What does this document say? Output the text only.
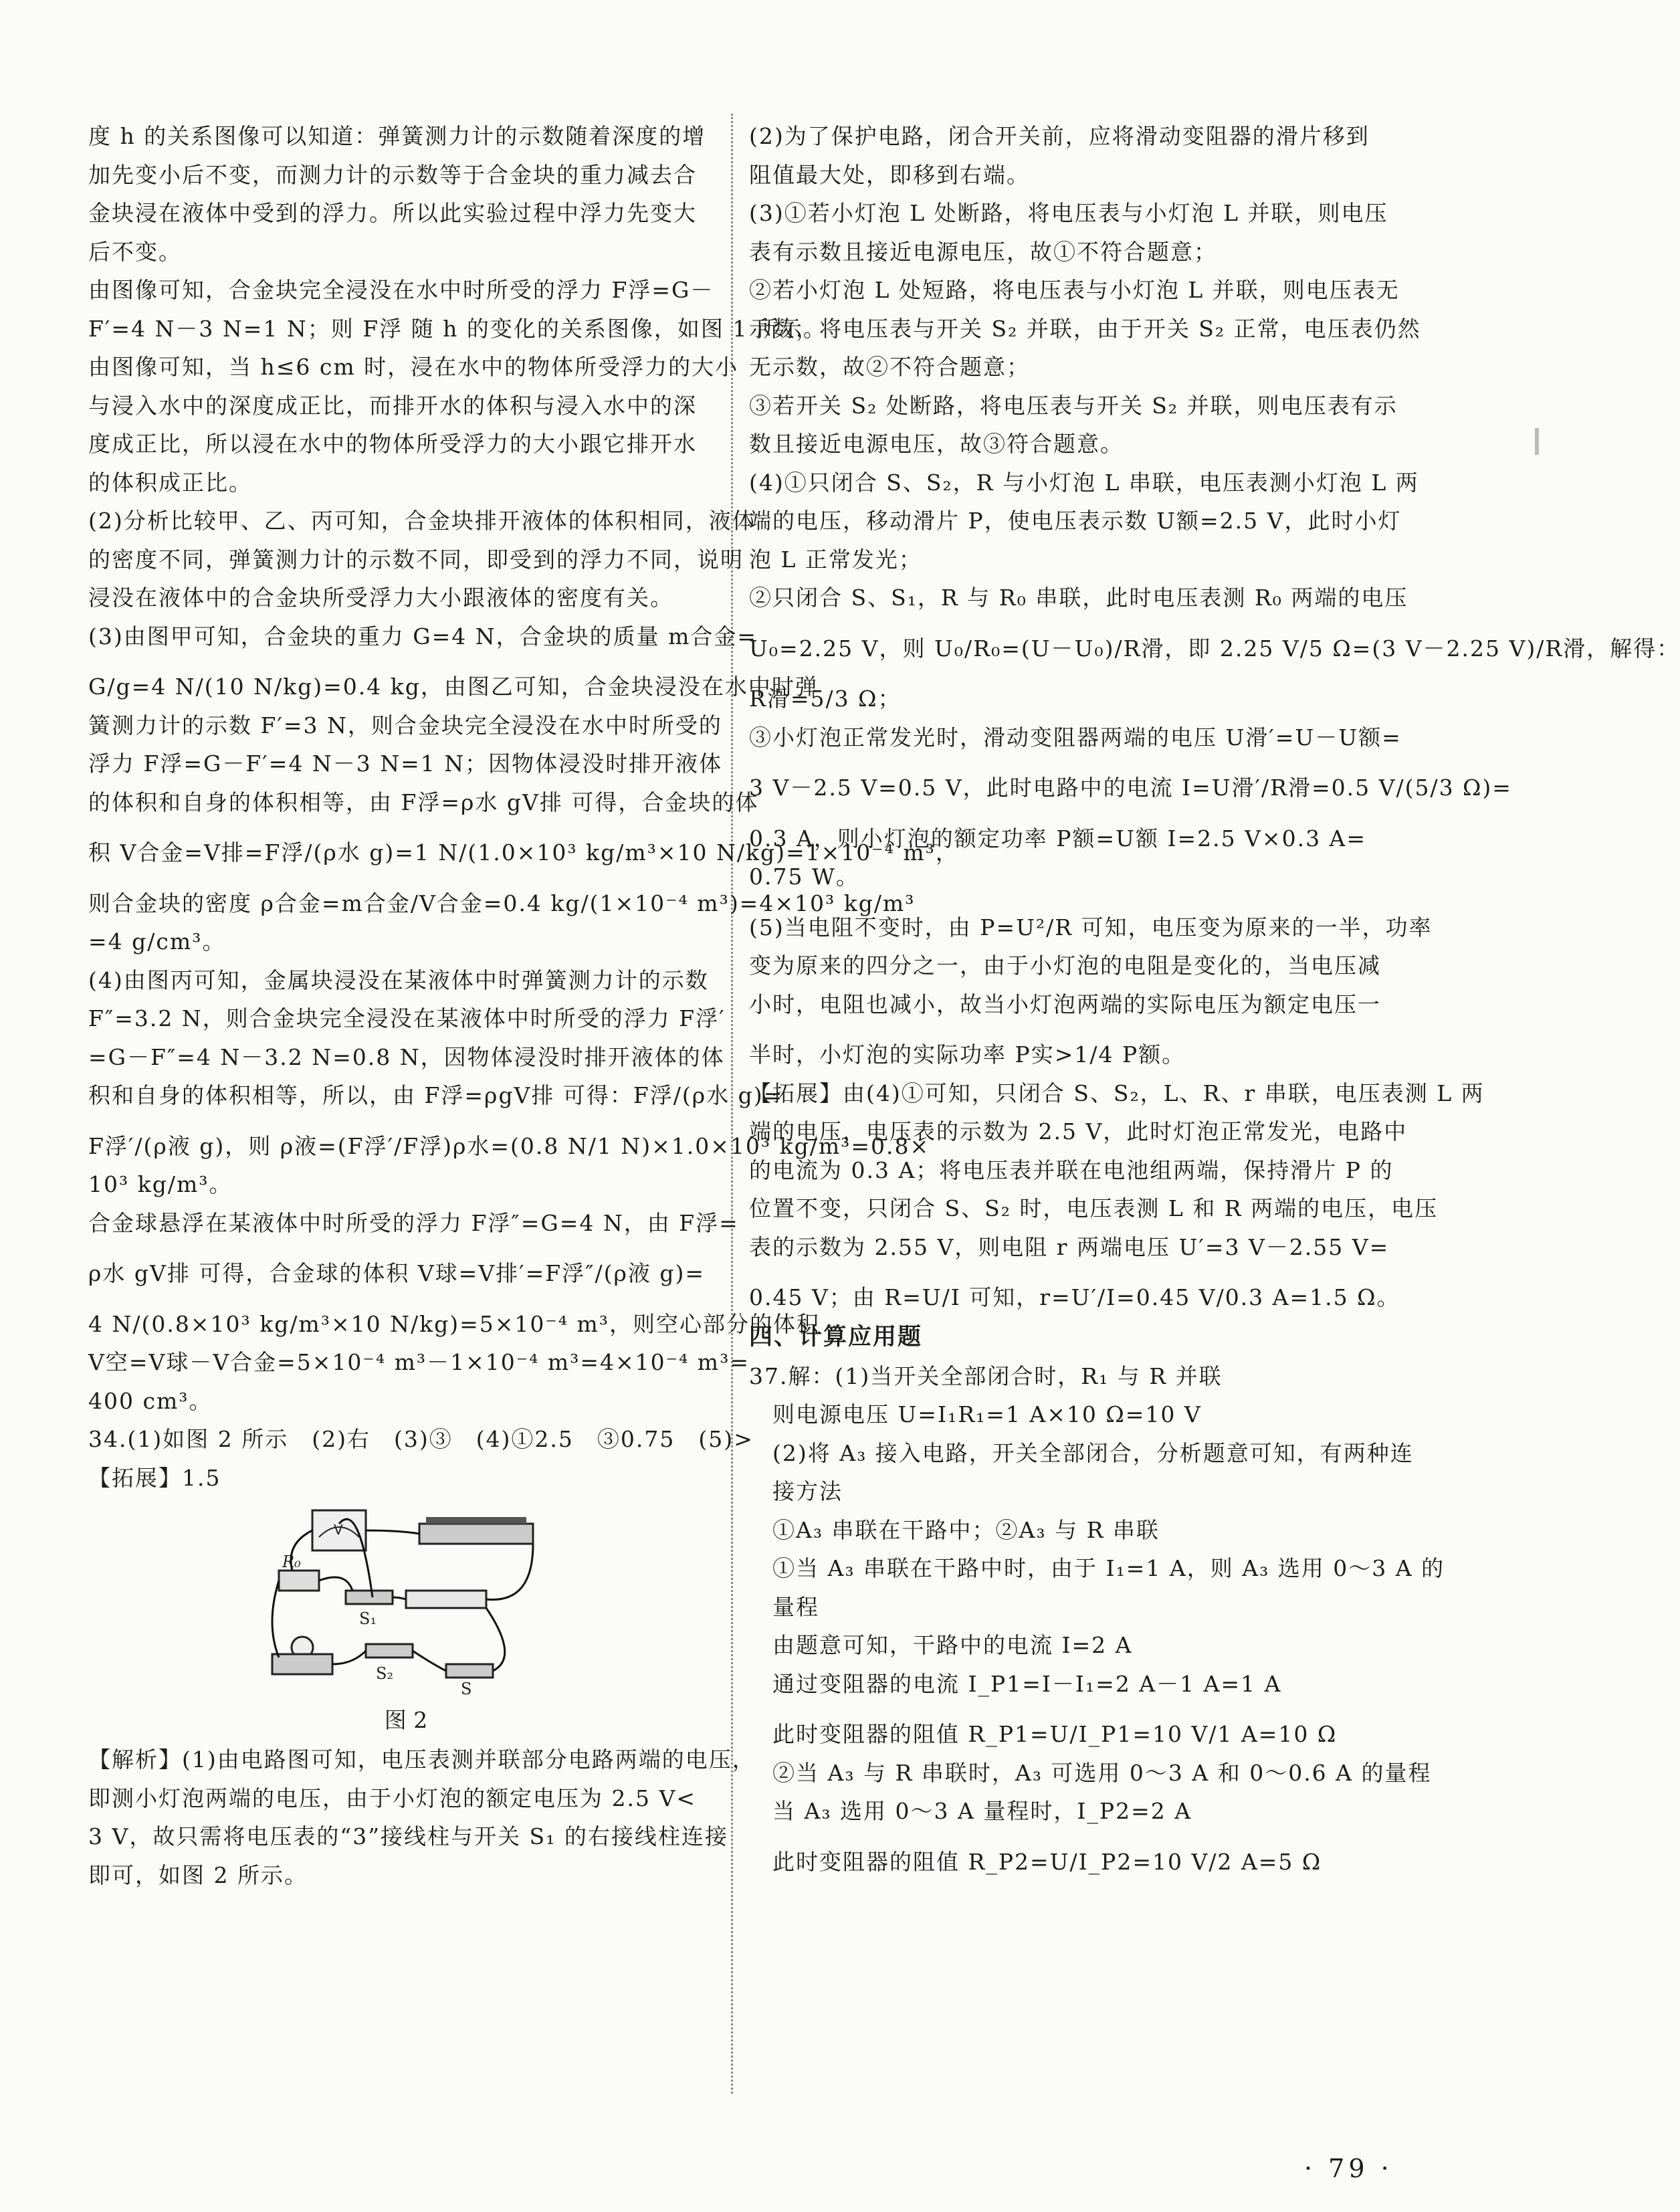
度 h 的关系图像可以知道：弹簧测力计的示数随着深度的增
加先变小后不变，而测力计的示数等于合金块的重力减去合
金块浸在液体中受到的浮力。所以此实验过程中浮力先变大
后不变。
由图像可知，合金块完全浸没在水中时所受的浮力 F浮=G－
F′=4 N－3 N=1 N；则 F浮 随 h 的变化的关系图像，如图 1 所示。
由图像可知，当 h≤6 cm 时，浸在水中的物体所受浮力的大小
与浸入水中的深度成正比，而排开水的体积与浸入水中的深
度成正比，所以浸在水中的物体所受浮力的大小跟它排开水
的体积成正比。
(2)分析比较甲、乙、丙可知，合金块排开液体的体积相同，液体
的密度不同，弹簧测力计的示数不同，即受到的浮力不同，说明
浸没在液体中的合金块所受浮力大小跟液体的密度有关。
(3)由图甲可知，合金块的重力 G=4 N，合金块的质量 m合金=
G/g=4 N/(10 N/kg)=0.4 kg，由图乙可知，合金块浸没在水中时弹
簧测力计的示数 F′=3 N，则合金块完全浸没在水中时所受的
浮力 F浮=G－F′=4 N－3 N=1 N；因物体浸没时排开液体
的体积和自身的体积相等，由 F浮=ρ水 gV排 可得，合金块的体
积 V合金=V排=F浮/(ρ水 g)=1 N/(1.0×10³ kg/m³×10 N/kg)=1×10⁻⁴ m³，
则合金块的密度 ρ合金=m合金/V合金=0.4 kg/(1×10⁻⁴ m³)=4×10³ kg/m³
=4 g/cm³。
(4)由图丙可知，金属块浸没在某液体中时弹簧测力计的示数
F″=3.2 N，则合金块完全浸没在某液体中时所受的浮力 F浮′
=G－F″=4 N－3.2 N=0.8 N，因物体浸没时排开液体的体
积和自身的体积相等，所以，由 F浮=ρgV排 可得：F浮/(ρ水 g)=
F浮′/(ρ液 g)，则 ρ液=(F浮′/F浮)ρ水=(0.8 N/1 N)×1.0×10³ kg/m³=0.8×
10³ kg/m³。
合金球悬浮在某液体中时所受的浮力 F浮″=G=4 N，由 F浮=
ρ水 gV排 可得，合金球的体积 V球=V排′=F浮″/(ρ液 g)=
4 N/(0.8×10³ kg/m³×10 N/kg)=5×10⁻⁴ m³，则空心部分的体积
V空=V球－V合金=5×10⁻⁴ m³－1×10⁻⁴ m³=4×10⁻⁴ m³=
400 cm³。
34.(1)如图 2 所示　(2)右　(3)③　(4)①2.5　③0.75　(5)>
【拓展】1.5
V
R₀
S₁
S₂
S
图 2
【解析】(1)由电路图可知，电压表测并联部分电路两端的电压，
即测小灯泡两端的电压，由于小灯泡的额定电压为 2.5 V<
3 V，故只需将电压表的“3”接线柱与开关 S₁ 的右接线柱连接
即可，如图 2 所示。
(2)为了保护电路，闭合开关前，应将滑动变阻器的滑片移到
阻值最大处，即移到右端。
(3)①若小灯泡 L 处断路，将电压表与小灯泡 L 并联，则电压
表有示数且接近电源电压，故①不符合题意；
②若小灯泡 L 处短路，将电压表与小灯泡 L 并联，则电压表无
示数，将电压表与开关 S₂ 并联，由于开关 S₂ 正常，电压表仍然
无示数，故②不符合题意；
③若开关 S₂ 处断路，将电压表与开关 S₂ 并联，则电压表有示
数且接近电源电压，故③符合题意。
(4)①只闭合 S、S₂，R 与小灯泡 L 串联，电压表测小灯泡 L 两
端的电压，移动滑片 P，使电压表示数 U额=2.5 V，此时小灯
泡 L 正常发光；
②只闭合 S、S₁，R 与 R₀ 串联，此时电压表测 R₀ 两端的电压
U₀=2.25 V，则 U₀/R₀=(U－U₀)/R滑，即 2.25 V/5 Ω=(3 V－2.25 V)/R滑，解得：
R滑=5/3 Ω；
③小灯泡正常发光时，滑动变阻器两端的电压 U滑′=U－U额=
3 V－2.5 V=0.5 V，此时电路中的电流 I=U滑′/R滑=0.5 V/(5/3 Ω)=
0.3 A，则小灯泡的额定功率 P额=U额 I=2.5 V×0.3 A=
0.75 W。
(5)当电阻不变时，由 P=U²/R 可知，电压变为原来的一半，功率
变为原来的四分之一，由于小灯泡的电阻是变化的，当电压减
小时，电阻也减小，故当小灯泡两端的实际电压为额定电压一
半时，小灯泡的实际功率 P实>1/4 P额。
【拓展】由(4)①可知，只闭合 S、S₂，L、R、r 串联，电压表测 L 两
端的电压，电压表的示数为 2.5 V，此时灯泡正常发光，电路中
的电流为 0.3 A；将电压表并联在电池组两端，保持滑片 P 的
位置不变，只闭合 S、S₂ 时，电压表测 L 和 R 两端的电压，电压
表的示数为 2.55 V，则电阻 r 两端电压 U′=3 V－2.55 V=
0.45 V；由 R=U/I 可知，r=U′/I=0.45 V/0.3 A=1.5 Ω。
四、计算应用题
37.解：(1)当开关全部闭合时，R₁ 与 R 并联
　则电源电压 U=I₁R₁=1 A×10 Ω=10 V
　(2)将 A₃ 接入电路，开关全部闭合，分析题意可知，有两种连
　接方法
　①A₃ 串联在干路中；②A₃ 与 R 串联
　①当 A₃ 串联在干路中时，由于 I₁=1 A，则 A₃ 选用 0～3 A 的
　量程
　由题意可知，干路中的电流 I=2 A
　通过变阻器的电流 I_P1=I－I₁=2 A－1 A=1 A
　此时变阻器的阻值 R_P1=U/I_P1=10 V/1 A=10 Ω
　②当 A₃ 与 R 串联时，A₃ 可选用 0～3 A 和 0～0.6 A 的量程
　当 A₃ 选用 0～3 A 量程时，I_P2=2 A
　此时变阻器的阻值 R_P2=U/I_P2=10 V/2 A=5 Ω
· 79 ·
